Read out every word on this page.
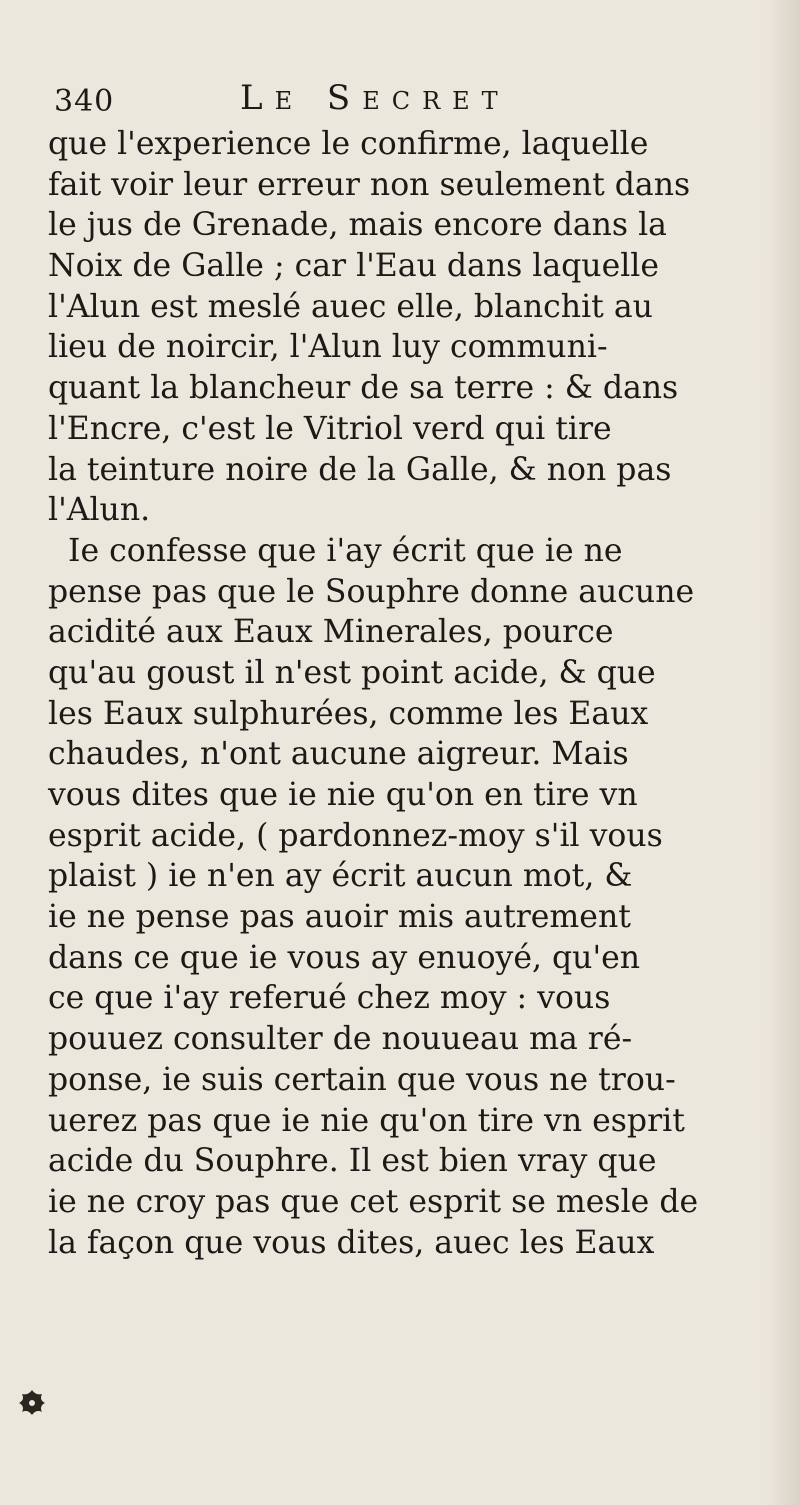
340	Le Secret
que l'experience le confirme, laquelle
fait voir leur erreur non seulement dans
le jus de Grenade, mais encore dans la
Noix de Galle ; car l'Eau dans laquelle
l'Alun est meslé auec elle, blanchit au
lieu de noircir, l'Alun luy communi-
quant la blancheur de sa terre : & dans
l'Encre, c'est le Vitriol verd qui tire
la teinture noire de la Galle, & non pas
l'Alun.
Ie confesse que i'ay écrit que ie ne
pense pas que le Souphre donne aucune
acidité aux Eaux Minerales, pource
qu'au goust il n'est point acide, & que
les Eaux sulphurées, comme les Eaux
chaudes, n'ont aucune aigreur. Mais
vous dites que ie nie qu'on en tire vn
esprit acide, ( pardonnez-moy s'il vous
plaist ) ie n'en ay écrit aucun mot, &
ie ne pense pas auoir mis autrement
dans ce que ie vous ay enuoyé, qu'en
ce que i'ay referué chez moy : vous
pouuez consulter de nouueau ma ré-
ponse, ie suis certain que vous ne trou-
uerez pas que ie nie qu'on tire vn esprit
acide du Souphre. Il est bien vray que
ie ne croy pas que cet esprit se mesle de
la façon que vous dites, auec les Eaux
